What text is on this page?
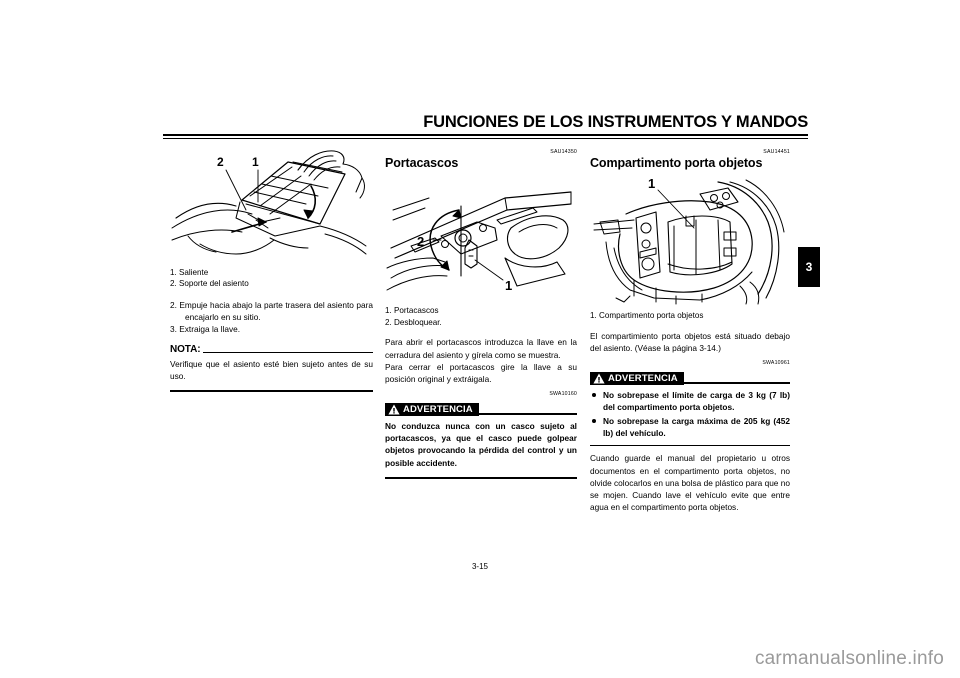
FUNCIONES DE LOS INSTRUMENTOS Y MANDOS
3
2 1
1. Saliente
2. Soporte del asiento
2. Empuje hacia abajo la parte trasera del asiento para encajarlo en su sitio.
3. Extraiga la llave.
NOTA:

Verifique que el asiento esté bien sujeto antes de su uso.

SAU14350
Portacascos
2
1
1. Portacascos
2. Desbloquear.

Para abrir el portacascos introduzca la llave en la cerradura del asiento y gírela como se muestra.

Para cerrar el portacascos gire la llave a su posición original y extráigala.

SWA10160
ADVERTENCIA

No conduzca nunca con un casco sujeto al portacascos, ya que el casco puede golpear objetos provocando la pérdida del control y un posible accidente.

SAU14451
Compartimento porta objetos
1
1. Compartimento porta objetos

El compartimiento porta objetos está situado debajo del asiento. (Véase la página 3-14.)

SWA10961
ADVERTENCIA
No sobrepase el límite de carga de 3 kg (7 lb) del compartimento porta objetos.
No sobrepase la carga máxima de 205 kg (452 lb) del vehículo.

Cuando guarde el manual del propietario u otros documentos en el compartimento porta objetos, no olvide colocarlos en una bolsa de plástico para que no se mojen. Cuando lave el vehículo evite que entre agua en el compartimento porta objetos.

3-15
carmanualsonline.info
